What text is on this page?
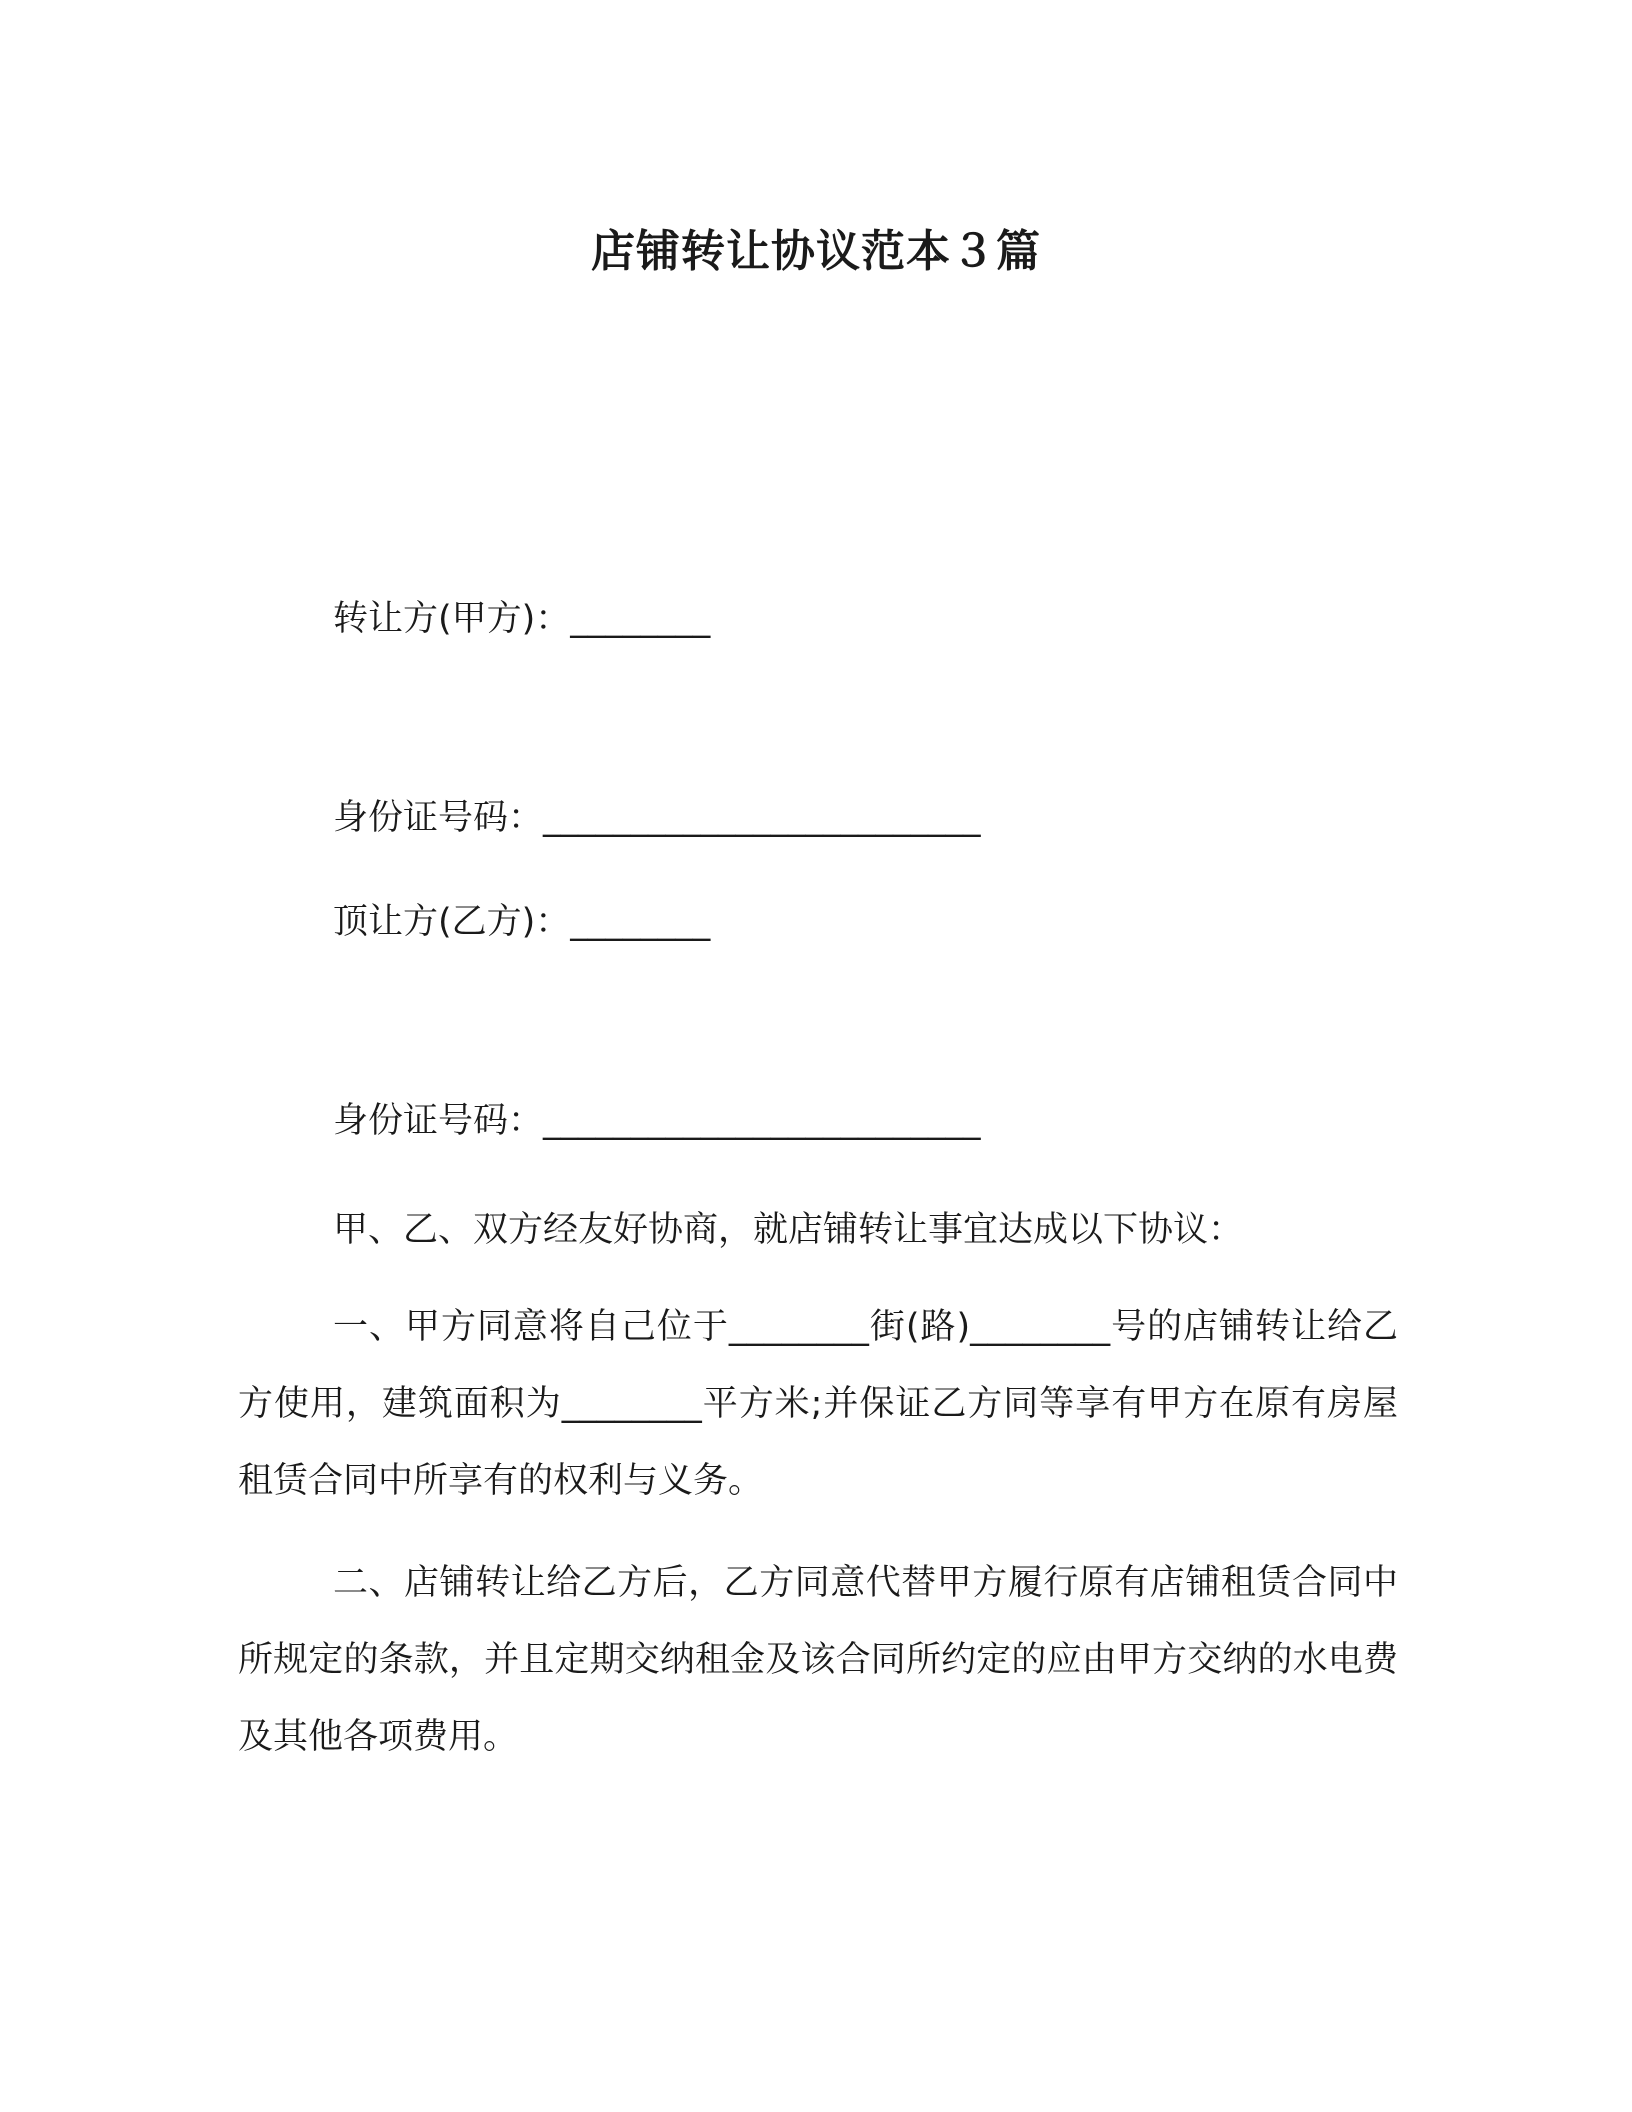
店铺转让协议范本３篇
转让方(甲方)：________
身份证号码：_________________________
顶让方(乙方)：________
身份证号码：_________________________

甲、乙、双方经友好协商，就店铺转让事宜达成以下协议：

一、甲方同意将自己位于________街(路)________号的店铺转让给乙方使用，建筑面积为________平方米;并保证乙方同等享有甲方在原有房屋租赁合同中所享有的权利与义务。

二、店铺转让给乙方后，乙方同意代替甲方履行原有店铺租赁合同中所规定的条款，并且定期交纳租金及该合同所约定的应由甲方交纳的水电费及其他各项费用。
